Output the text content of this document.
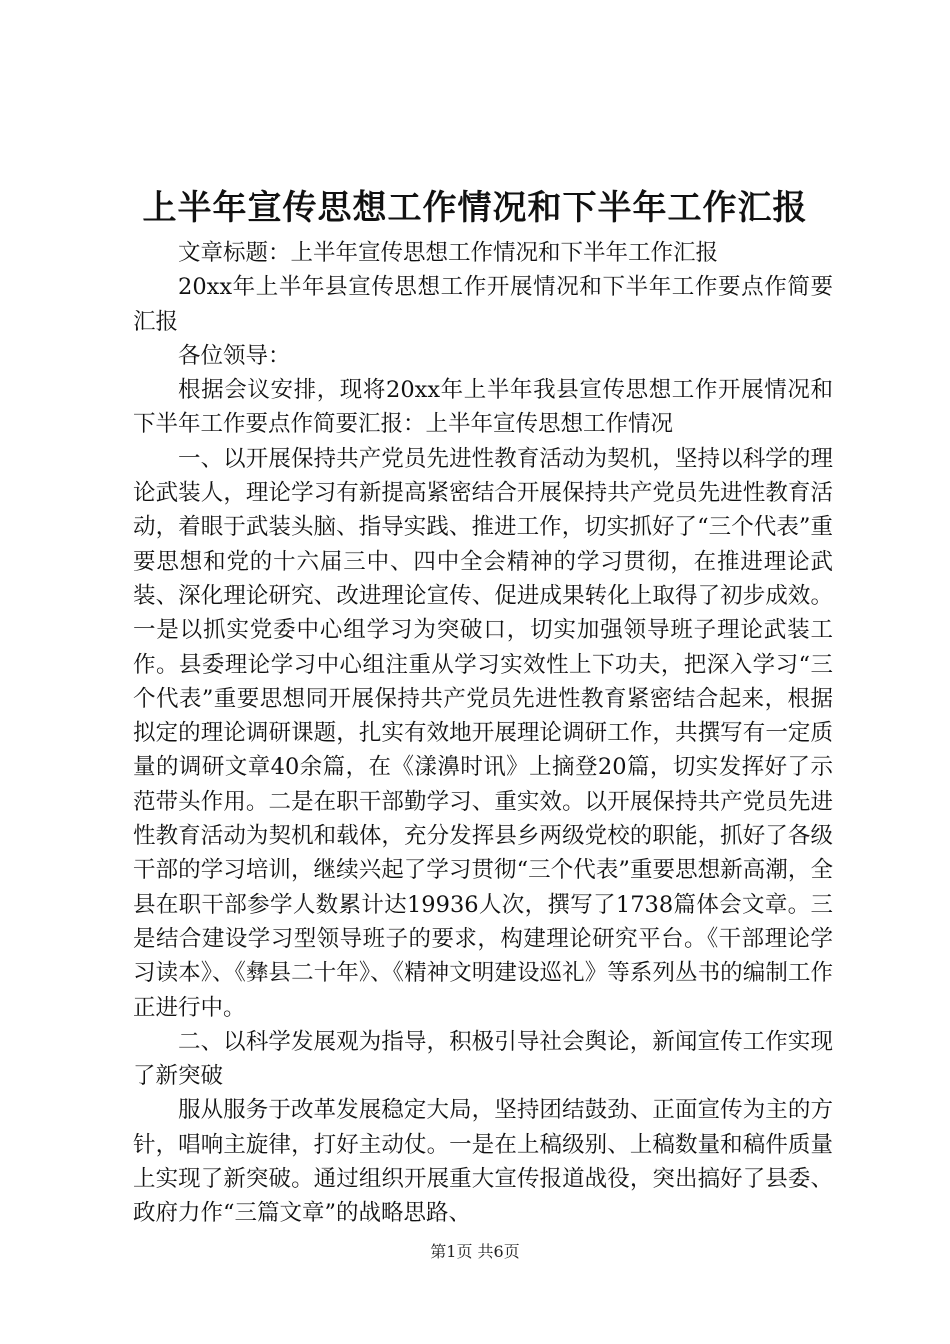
上半年宣传思想工作情况和下半年工作汇报

文章标题：上半年宣传思想工作情况和下半年工作汇报

20xx年上半年县宣传思想工作开展情况和下半年工作要点作简要汇报

各位领导：

根据会议安排，现将20xx年上半年我县宣传思想工作开展情况和下半年工作要点作简要汇报：上半年宣传思想工作情况

一、以开展保持共产党员先进性教育活动为契机，坚持以科学的理论武装人，理论学习有新提高紧密结合开展保持共产党员先进性教育活动，着眼于武装头脑、指导实践、推进工作，切实抓好了“三个代表”重要思想和党的十六届三中、四中全会精神的学习贯彻，在推进理论武装、深化理论研究、改进理论宣传、促进成果转化上取得了初步成效。一是以抓实党委中心组学习为突破口，切实加强领导班子理论武装工作。县委理论学习中心组注重从学习实效性上下功夫，把深入学习“三个代表”重要思想同开展保持共产党员先进性教育紧密结合起来，根据拟定的理论调研课题，扎实有效地开展理论调研工作，共撰写有一定质量的调研文章40余篇，在《漾濞时讯》上摘登20篇，切实发挥好了示范带头作用。二是在职干部勤学习、重实效。以开展保持共产党员先进性教育活动为契机和载体，充分发挥县乡两级党校的职能，抓好了各级干部的学习培训，继续兴起了学习贯彻“三个代表”重要思想新高潮，全县在职干部参学人数累计达19936人次，撰写了1738篇体会文章。三是结合建设学习型领导班子的要求，构建理论研究平台。《干部理论学习读本》、《彝县二十年》、《精神文明建设巡礼》等系列丛书的编制工作正进行中。

二、以科学发展观为指导，积极引导社会舆论，新闻宣传工作实现了新突破

服从服务于改革发展稳定大局，坚持团结鼓劲、正面宣传为主的方针，唱响主旋律，打好主动仗。一是在上稿级别、上稿数量和稿件质量上实现了新突破。通过组织开展重大宣传报道战役，突出搞好了县委、政府力作“三篇文章”的战略思路、

第1页 共6页
